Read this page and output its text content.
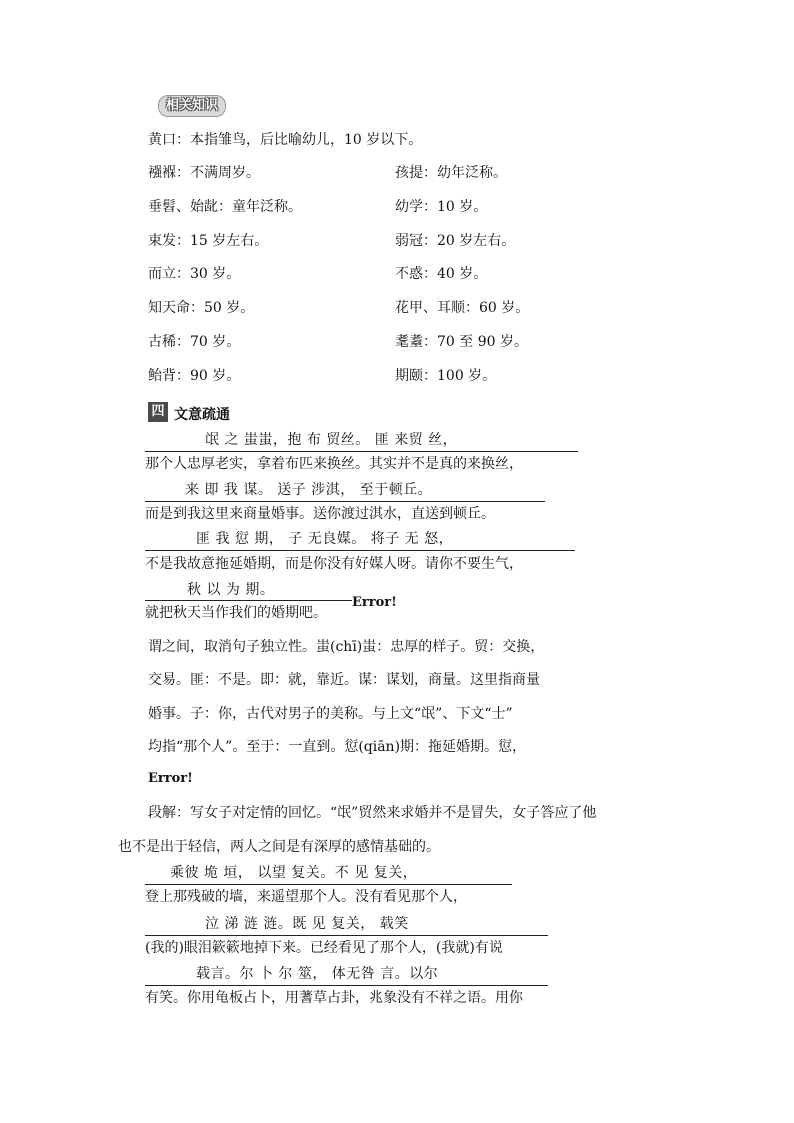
相关知识
黄口：本指雏鸟，后比喻幼儿，10 岁以下。
襁褓：不满周岁。
垂髫、始龀：童年泛称。
束发：15 岁左右。
而立：30 岁。
知天命：50 岁。
古稀：70 岁。
鲐背：90 岁。
孩提：幼年泛称。
幼学：10 岁。
弱冠：20 岁左右。
不惑：40 岁。
花甲、耳顺：60 岁。
耄耋：70 至 90 岁。
期颐：100 岁。
四 文意疏通
氓 之 蚩蚩，抱 布 贸丝。 匪 来贸 丝，
那个人忠厚老实，拿着布匹来换丝。其实并不是真的来换丝，
来 即 我 谋。 送子 涉淇， 至于顿丘。
而是到我这里来商量婚事。送你渡过淇水，直送到顿丘。
匪 我 愆 期， 子 无良媒。 将子 无 怒，
不是我故意拖延婚期，而是你没有好媒人呀。请你不要生气，
秋 以 为 期。
Error!
就把秋天当作我们的婚期吧。
谓之间，取消句子独立性。蚩(chī)蚩：忠厚的样子。贸：交换，
交易。匪：不是。即：就，靠近。谋：谋划，商量。这里指商量
婚事。子：你，古代对男子的美称。与上文“氓”、下文“士”
均指“那个人”。至于：一直到。愆(qiān)期：拖延婚期。愆，
Error!
段解：写女子对定情的回忆。“氓”贸然来求婚并不是冒失，女子答应了他
也不是出于轻信，两人之间是有深厚的感情基础的。
乘彼 垝 垣， 以望 复关。不 见 复关，
登上那残破的墙，来遥望那个人。没有看见那个人，
泣 涕 涟 涟。既 见 复关， 载笑
(我的)眼泪簌簌地掉下来。已经看见了那个人，(我就)有说
载言。尔 卜 尔 筮， 体无咎 言。以尔
有笑。你用龟板占卜，用蓍草占卦，兆象没有不祥之语。用你
